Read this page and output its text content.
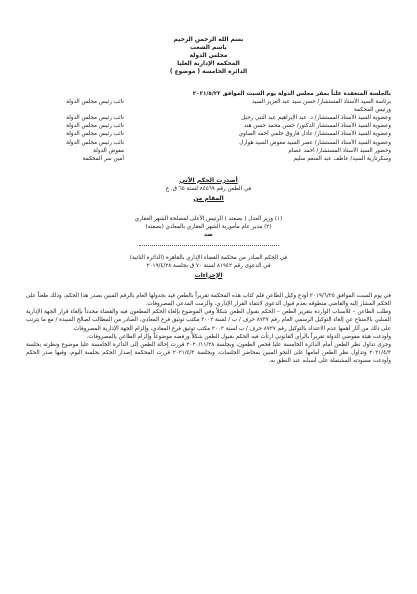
بسم الله الرحمن الرحيم
باسم الشعب
مجلس الدولة
المحكمة الإدارية العليا
الدائرة الخامسة ( موضوع )
بالجلسة المنعقدة علناً بمقر مجلس الدولة يوم السبت الموافق ٢٠٢١/٥/٢٢
برئاسة السيد الأستاذ المستشار/ حسن سيد عبد العزيز السيد
نائب رئيس مجلس الدولة
ورئيس المحكمة
وعضوية السيد الأستاذ المستشار/ د. عبد الإبراهيم عبد النبي رحيل
نائب رئيس مجلس الدولة
وعضوية السيد الأستاذ المستشار الدكتور/ حسن محمد حسن هند
نائب رئيس مجلس الدولة
وعضوية السيد الأستاذ المستشار/ عادل فاروق حلمي أحمد الصاوي
نائب رئيس مجلس الدولة
وعضوية السيد الأستاذ المستشار/ عصر السيد معوض السيد هوارل
نائب رئيس مجلس الدولة
وحضور السيد الأستاذ المستشار/ أحمد عصام
مفوض الدولة
وسكرتارية السيد/ عاطف عبد المنعم سليم
أمين سر المحكمة
أصدرت الحكم الآتي
في الطعن رقم ٨٤٥٦٩ لسنة ٦٥ ق. ع
المقام من
(١) وزير العدل ( بصفته ) الرئيس الأعلى لمصلحة الشهر العقاري
(٢) مدير عام مأمورية الشهر العقاري بالمعادي (بصفته)
ضد
في الحكم الصادر من محكمة القضاء الإداري بالقاهرة (الدائرة الثانية)
في الدعوى رقم ٨١٩٤٢ لسنة ٧٠ ق بجلسة ٢٠١٩/٤/٢٨
الإجراءات

في يوم السبت الموافق ٢٠١٩/٦/٢٥ أودع وكيل الطاعن قلم كتاب هذه المحكمة تقريراً بالطعن قيد بجدولها العام بالرقم المبين بصدر هذا الحكم، وذلك طعناً على الحكم المشار إليه والقاضي منطوقه بعدم قبول الدعوى لانتفاء القرار الإداري، وألزمت المدعي المصروفات.

وطلب الطاعن – للأسباب الواردة بتقرير الطعن – الحكم بقبول الطعن شكلاً وفي الموضوع بإلغاء الحكم المطعون فيه والقضاء مجدداً بإلغاء قرار الجهة الإدارية السلبي بالامتناع عن إلغاء التوكيل الرسمي العام رقم ٨٧٣٧ حرف / ب / لسنة ٢٠٠٢ مكتب توثيق فرع المعادي، الصادر من المطالب لصالح السيدة / مع ما يترتب على ذلك من آثار أهمها عدم الاعتداد بالتوكيل رقم ٨٧٣٧ حرف / ب لسنة ٢٠٠٢ مكتب توثيق فرع المعادي، وإلزام الجهة الإدارية المصروفات.

وأودعت هيئة مفوضي الدولة تقريراً بالرأي القانوني ارتأت فيه الحكم بقبول الطعن شكلاً ورفضه موضوعاً وإلزام الطاعن بالمصروفات.

وجرى تداول نظر الطعن أمام الدائرة الخامسة عليا فحص الطعون، وبجلسة ٢٠٢٠/١١/٢٨ قررت إحالة الطعن إلى الدائرة الخامسة عليا موضوع ونظرته بجلسة ٢٠٢١/٤/٣ وتداول نظر الطعن أمامها على النحو المبين بمحاضر الجلسات، وبجلسة ٢٠٢١/٤/٣ قررت المحكمة إصدار الحكم بجلسة اليوم، وفيها صدر الحكم وأودعت مسودته المشتملة على أسبابه عند النطق به.
